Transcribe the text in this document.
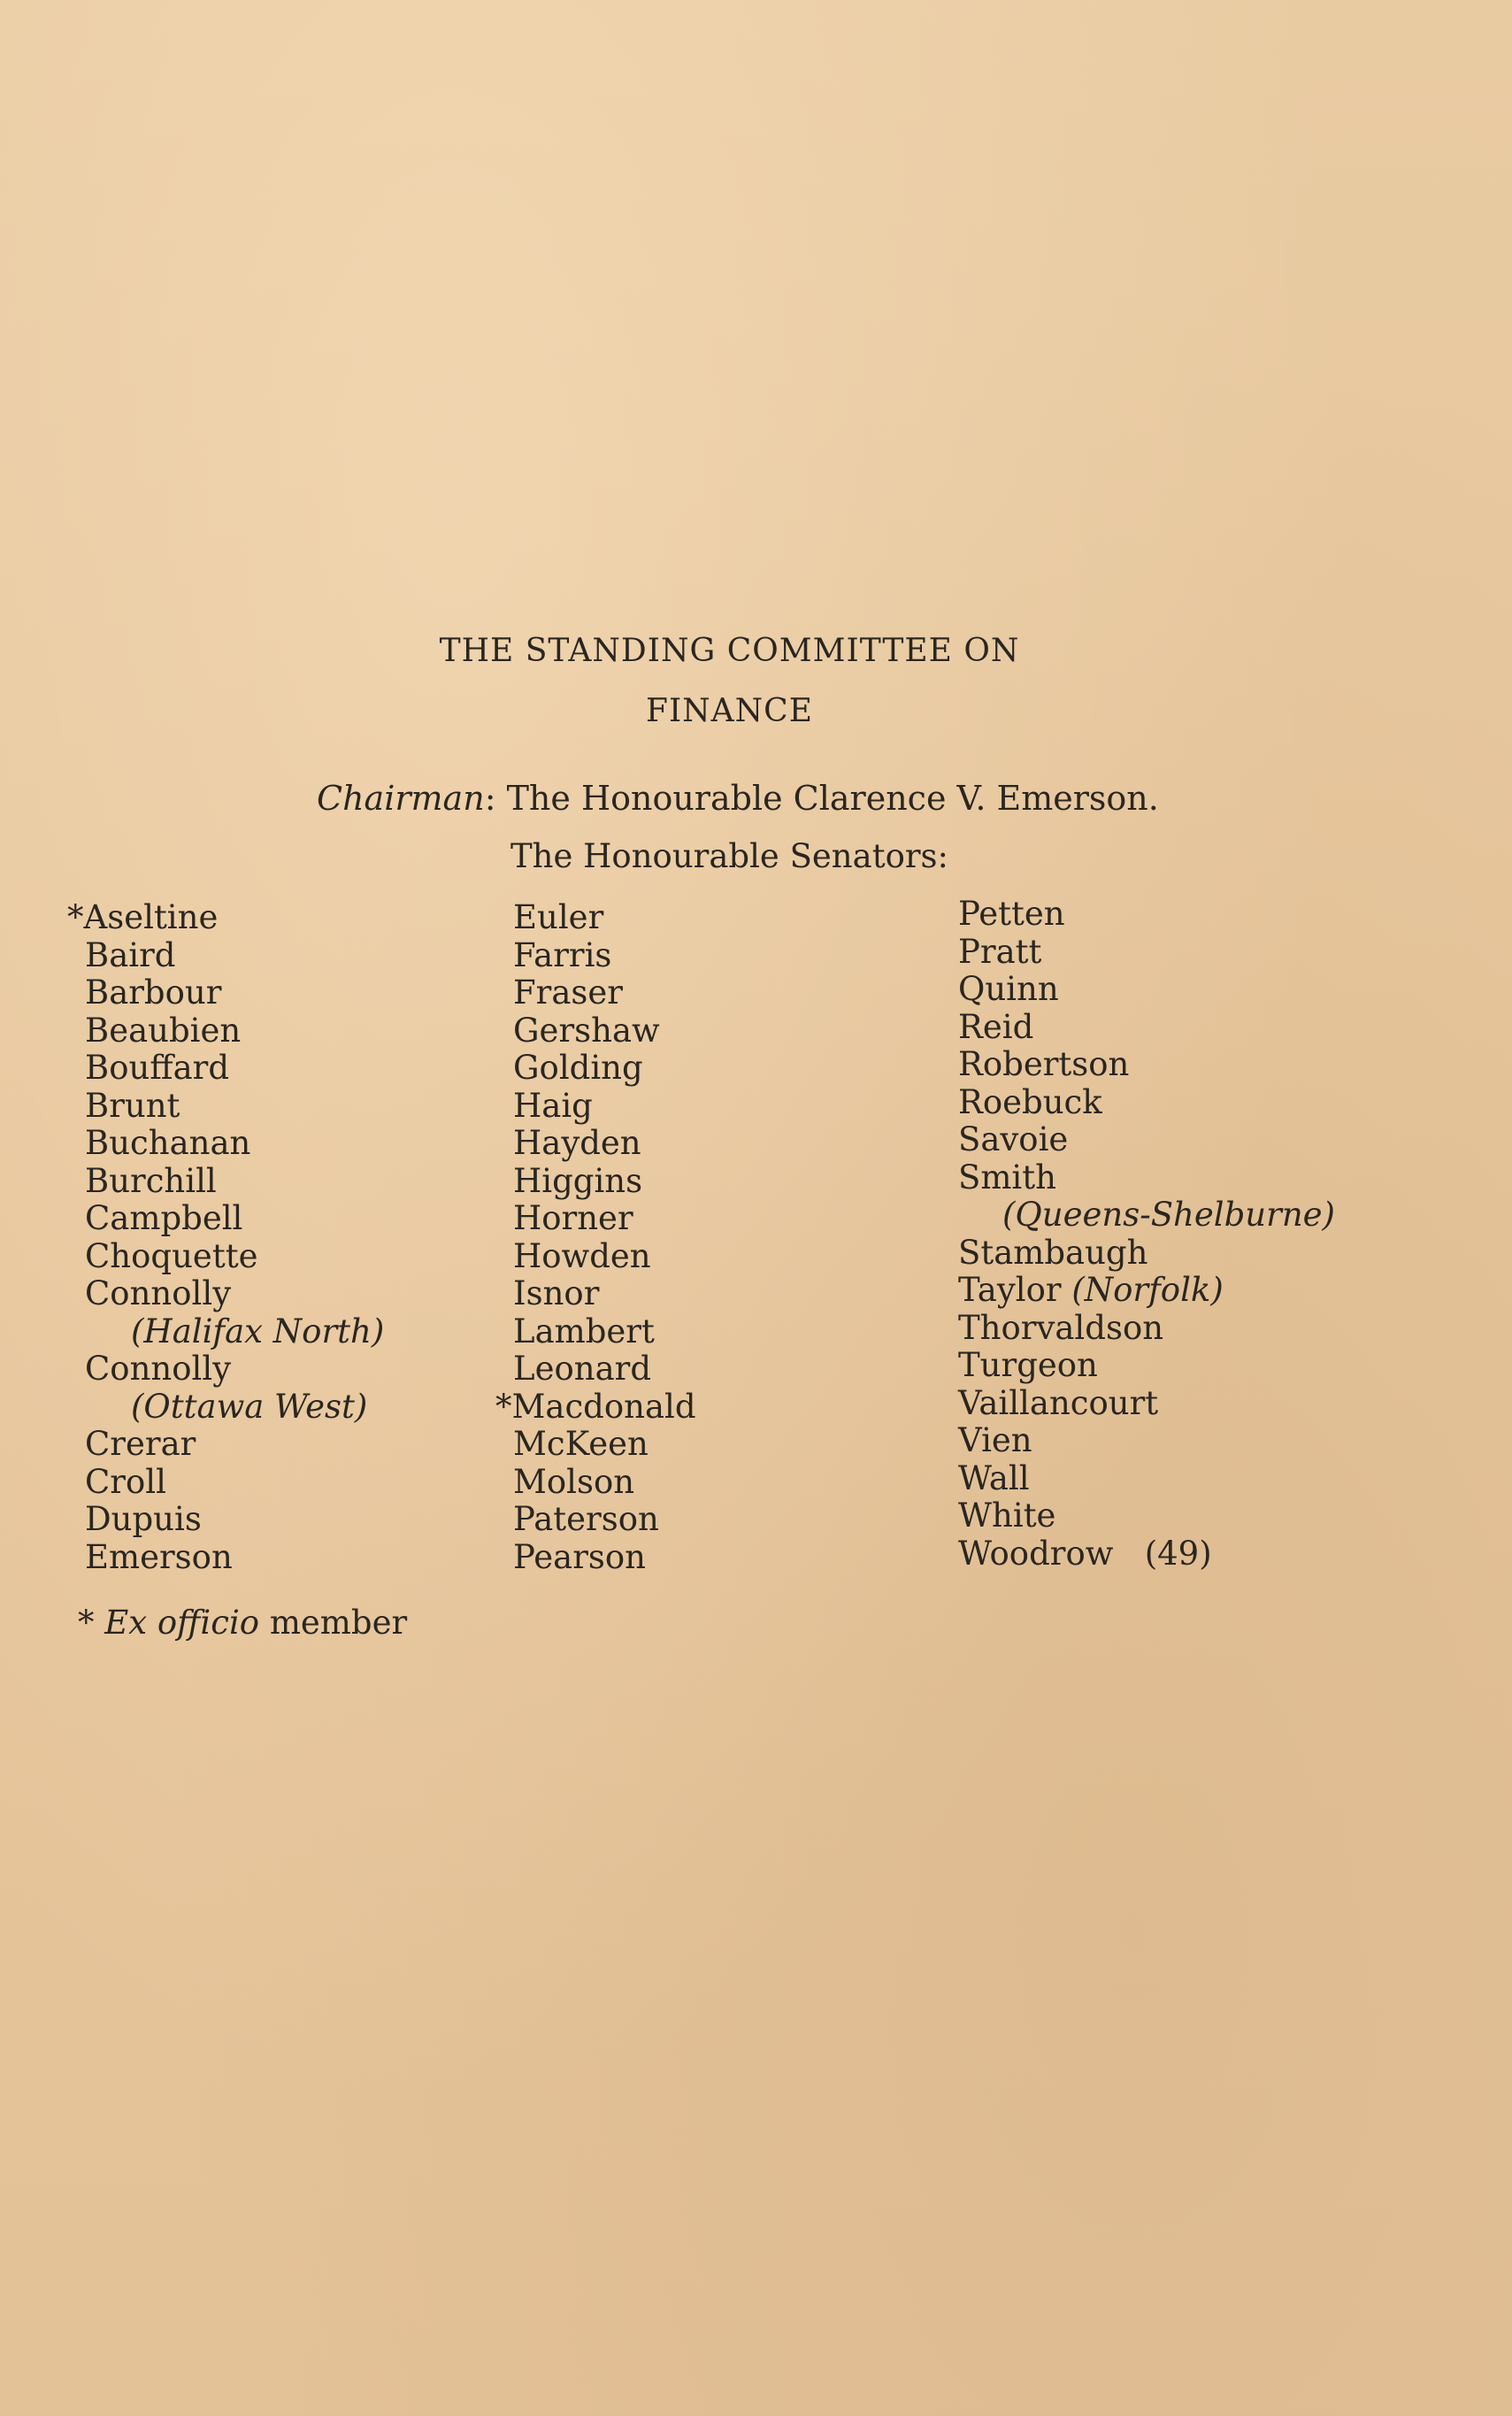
THE STANDING COMMITTEE ON
FINANCE
Chairman: The Honourable Clarence V. Emerson.
The Honourable Senators:
*Aseltine
Baird
Barbour
Beaubien
Bouffard
Brunt
Buchanan
Burchill
Campbell
Choquette
Connolly
(Halifax North)
Connolly
(Ottawa West)
Crerar
Croll
Dupuis
Emerson
Euler
Farris
Fraser
Gershaw
Golding
Haig
Hayden
Higgins
Horner
Howden
Isnor
Lambert
Leonard
*Macdonald
McKeen
Molson
Paterson
Pearson
Petten
Pratt
Quinn
Reid
Robertson
Roebuck
Savoie
Smith
(Queens-Shelburne)
Stambaugh
Taylor (Norfolk)
Thorvaldson
Turgeon
Vaillancourt
Vien
Wall
White
Woodrow (49)
* Ex officio member
